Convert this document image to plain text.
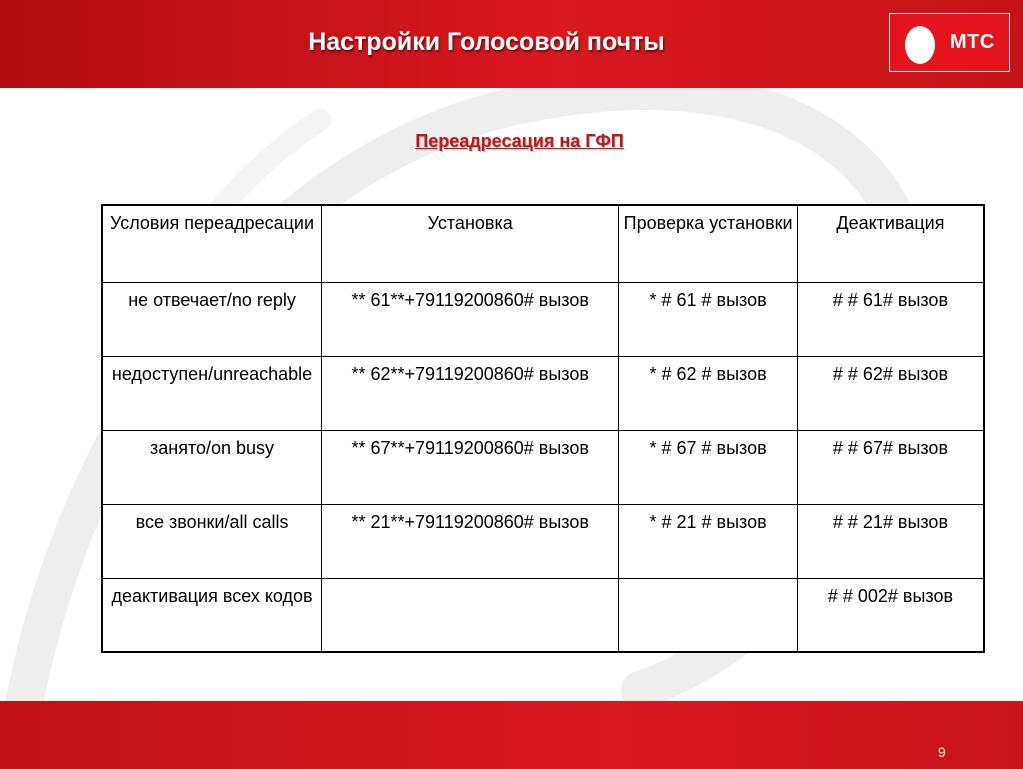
Настройки Голосовой почты	МТС
Переадресация на ГФП
Условия переадресации	Установка	Проверка установки	Деактивация
не отвечает/no reply	** 61**+79119200860# вызов	* # 61 # вызов	# # 61# вызов
недоступен/unreachable	** 62**+79119200860# вызов	* # 62 # вызов	# # 62# вызов
занято/on busy	** 67**+79119200860# вызов	* # 67 # вызов	# # 67# вызов
все звонки/all calls	** 21**+79119200860# вызов	* # 21 # вызов	# # 21# вызов
деактивация всех кодов			# # 002# вызов
9
